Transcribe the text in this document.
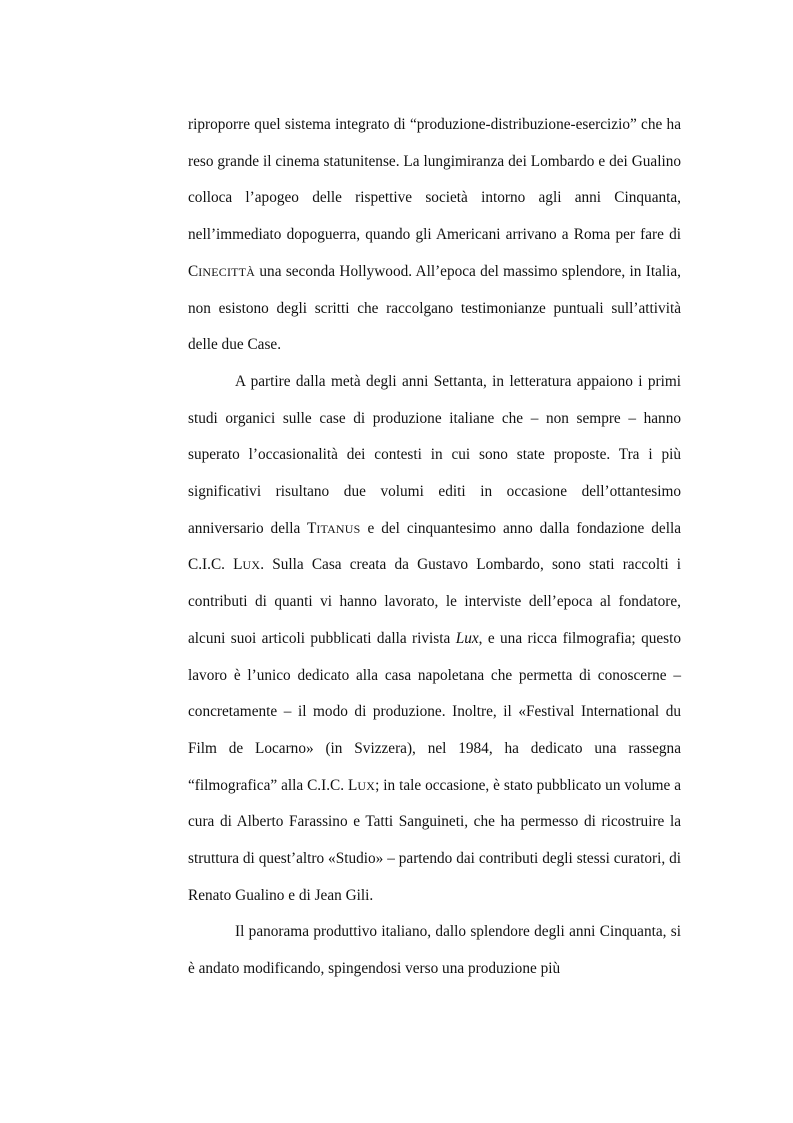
riproporre quel sistema integrato di “produzione-distribuzione-esercizio” che ha reso grande il cinema statunitense. La lungimiranza dei Lombardo e dei Gualino colloca l’apogeo delle rispettive società intorno agli anni Cinquanta, nell’immediato dopoguerra, quando gli Americani arrivano a Roma per fare di CINECITTÀ una seconda Hollywood. All’epoca del massimo splendore, in Italia, non esistono degli scritti che raccolgano testimonianze puntuali sull’attività delle due Case.

A partire dalla metà degli anni Settanta, in letteratura appaiono i primi studi organici sulle case di produzione italiane che – non sempre – hanno superato l’occasionalità dei contesti in cui sono state proposte. Tra i più significativi risultano due volumi editi in occasione dell’ottantesimo anniversario della TITANUS e del cinquantesimo anno dalla fondazione della C.I.C. LUX. Sulla Casa creata da Gustavo Lombardo, sono stati raccolti i contributi di quanti vi hanno lavorato, le interviste dell’epoca al fondatore, alcuni suoi articoli pubblicati dalla rivista Lux, e una ricca filmografia; questo lavoro è l’unico dedicato alla casa napoletana che permetta di conoscerne – concretamente – il modo di produzione. Inoltre, il «Festival International du Film de Locarno» (in Svizzera), nel 1984, ha dedicato una rassegna “filmografica” alla C.I.C. LUX; in tale occasione, è stato pubblicato un volume a cura di Alberto Farassino e Tatti Sanguineti, che ha permesso di ricostruire la struttura di quest’altro «Studio» – partendo dai contributi degli stessi curatori, di Renato Gualino e di Jean Gili.

Il panorama produttivo italiano, dallo splendore degli anni Cinquanta, si è andato modificando, spingendosi verso una produzione più
